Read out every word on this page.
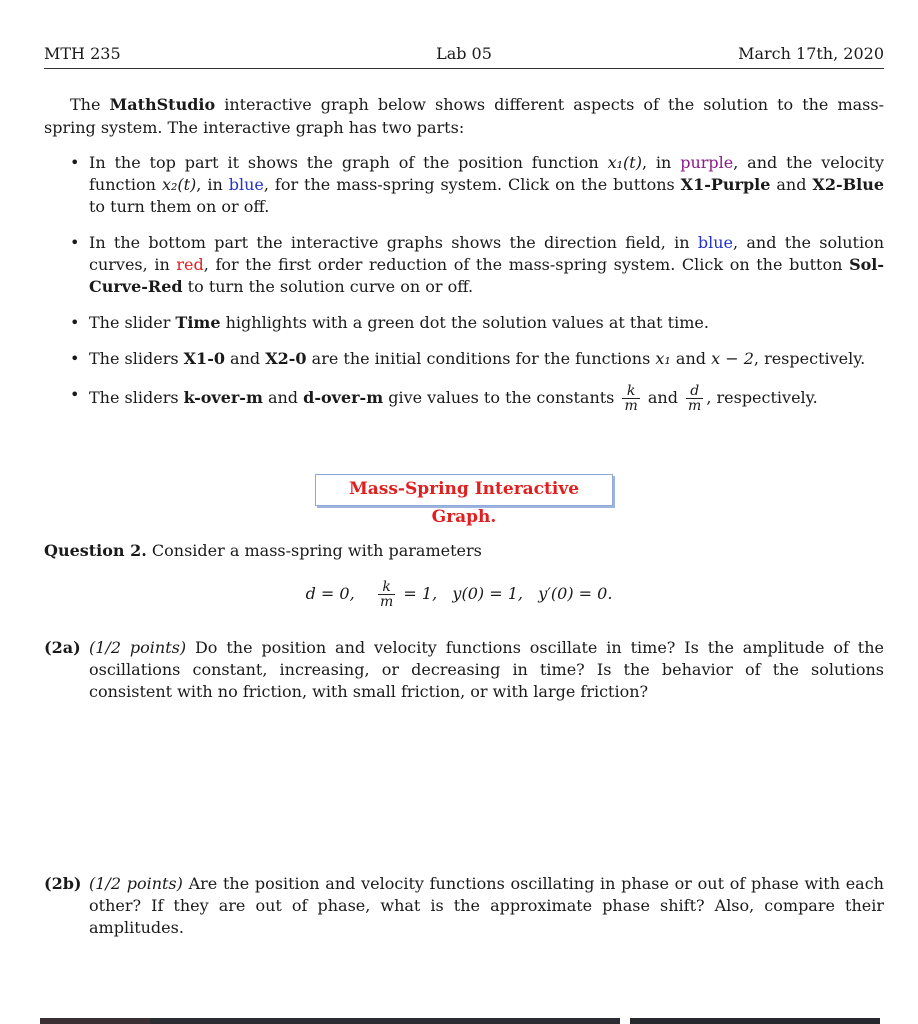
MTH 235	Lab 05	March 17th, 2020
The MathStudio interactive graph below shows different aspects of the solution to the mass-spring system. The interactive graph has two parts:
• In the top part it shows the graph of the position function x₁(t), in purple, and the velocity function x₂(t), in blue, for the mass-spring system. Click on the buttons X1-Purple and X2-Blue to turn them on or off.
• In the bottom part the interactive graphs shows the direction field, in blue, and the solution curves, in red, for the first order reduction of the mass-spring system. Click on the button Sol-Curve-Red to turn the solution curve on or off.
• The slider Time highlights with a green dot the solution values at that time.
• The sliders X1-0 and X2-0 are the initial conditions for the functions x₁ and x − 2, respectively.
• The sliders k-over-m and d-over-m give values to the constants $\frac{k}{m}$ and $\frac{d}{m}$ , respectively.
Mass-Spring Interactive Graph.
Question 2. Consider a mass-spring with parameters
d = 0, $\frac{k}{m} = 1$,   y(0) = 1,   y′(0) = 0.
(2a) (1/2 points) Do the position and velocity functions oscillate in time? Is the amplitude of the oscillations constant, increasing, or decreasing in time? Is the behavior of the solutions consistent with no friction, with small friction, or with large friction?
(2b) (1/2 points) Are the position and velocity functions oscillating in phase or out of phase with each other? If they are out of phase, what is the approximate phase shift? Also, compare their amplitudes.
